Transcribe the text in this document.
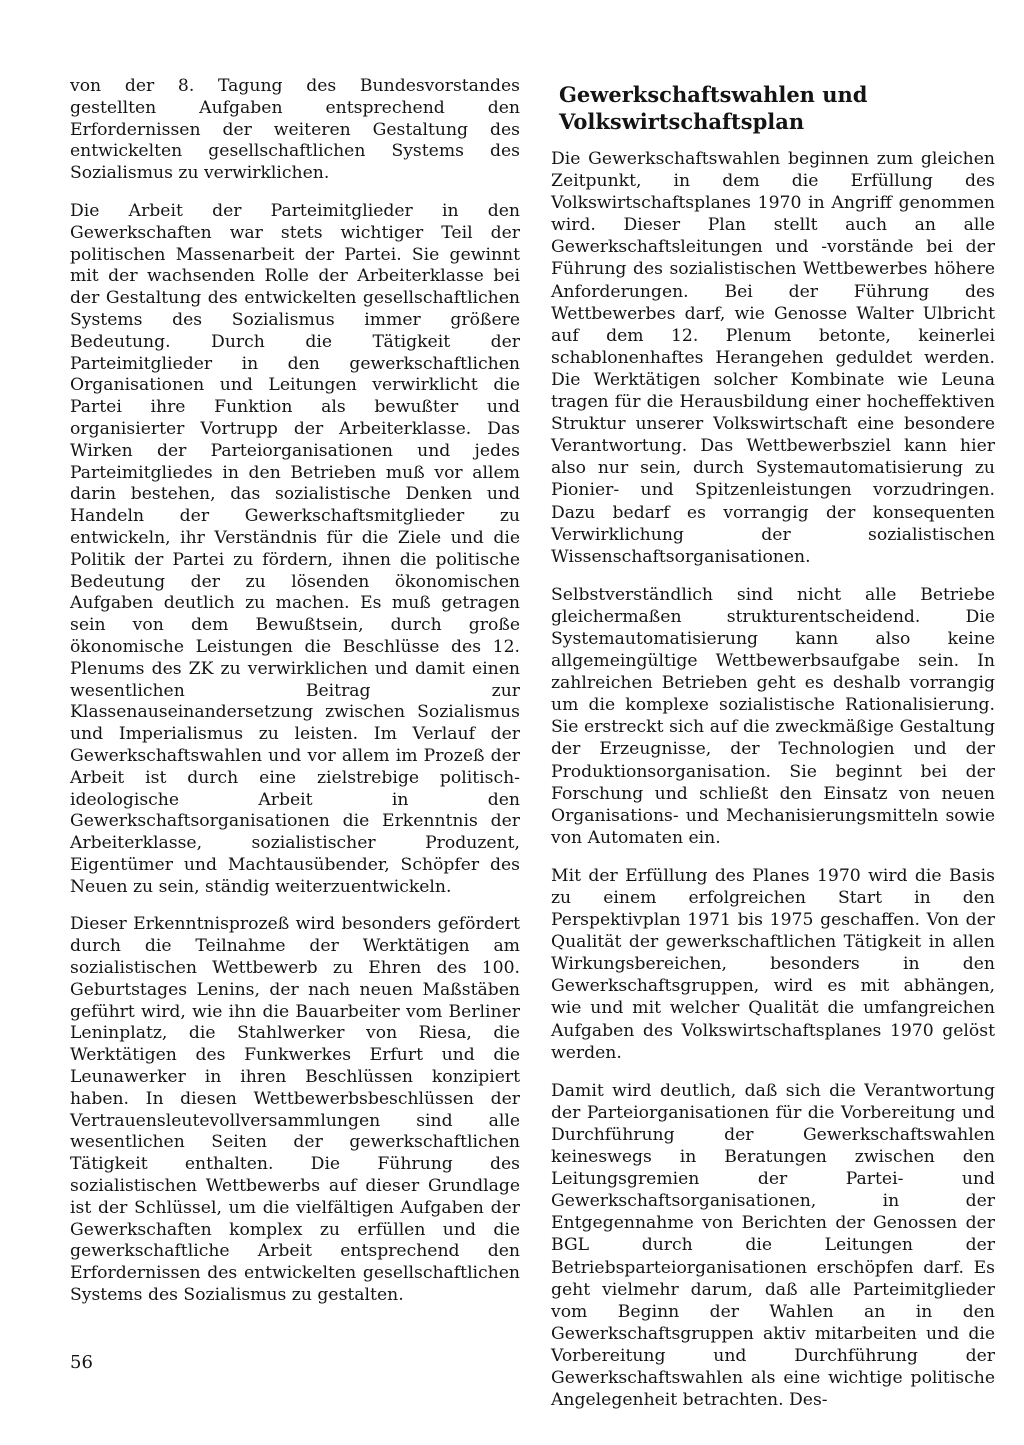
von der 8. Tagung des Bundesvorstandes gestellten Aufgaben entsprechend den Erfordernissen der weiteren Gestaltung des entwickelten gesellschaftlichen Systems des Sozialismus zu verwirklichen.

Die Arbeit der Parteimitglieder in den Gewerkschaften war stets wichtiger Teil der politischen Massenarbeit der Partei. Sie gewinnt mit der wachsenden Rolle der Arbeiterklasse bei der Gestaltung des entwickelten gesellschaftlichen Systems des Sozialismus immer größere Bedeutung. Durch die Tätigkeit der Parteimitglieder in den gewerkschaftlichen Organisationen und Leitungen verwirklicht die Partei ihre Funktion als bewußter und organisierter Vortrupp der Arbeiterklasse. Das Wirken der Parteiorganisationen und jedes Parteimitgliedes in den Betrieben muß vor allem darin bestehen, das sozialistische Denken und Handeln der Gewerkschaftsmitglieder zu entwickeln, ihr Verständnis für die Ziele und die Politik der Partei zu fördern, ihnen die politische Bedeutung der zu lösenden ökonomischen Aufgaben deutlich zu machen. Es muß getragen sein von dem Bewußtsein, durch große ökonomische Leistungen die Beschlüsse des 12. Plenums des ZK zu verwirklichen und damit einen wesentlichen Beitrag zur Klassenauseinandersetzung zwischen Sozialismus und Imperialismus zu leisten. Im Verlauf der Gewerkschaftswahlen und vor allem im Prozeß der Arbeit ist durch eine zielstrebige politisch-ideologische Arbeit in den Gewerkschaftsorganisationen die Erkenntnis der Arbeiterklasse, sozialistischer Produzent, Eigentümer und Machtausübender, Schöpfer des Neuen zu sein, ständig weiterzuentwickeln.

Dieser Erkenntnisprozeß wird besonders gefördert durch die Teilnahme der Werktätigen am sozialistischen Wettbewerb zu Ehren des 100. Geburtstages Lenins, der nach neuen Maßstäben geführt wird, wie ihn die Bauarbeiter vom Berliner Leninplatz, die Stahlwerker von Riesa, die Werktätigen des Funkwerkes Erfurt und die Leunawerker in ihren Beschlüssen konzipiert haben. In diesen Wettbewerbsbeschlüssen der Vertrauensleutevollversammlungen sind alle wesentlichen Seiten der gewerkschaftlichen Tätigkeit enthalten. Die Führung des sozialistischen Wettbewerbs auf dieser Grundlage ist der Schlüssel, um die vielfältigen Aufgaben der Gewerkschaften komplex zu erfüllen und die gewerkschaftliche Arbeit entsprechend den Erfordernissen des entwickelten gesellschaftlichen Systems des Sozialismus zu gestalten.

Gewerkschaftswahlen und Volkswirtschaftsplan

Die Gewerkschaftswahlen beginnen zum gleichen Zeitpunkt, in dem die Erfüllung des Volkswirtschaftsplanes 1970 in Angriff genommen wird. Dieser Plan stellt auch an alle Gewerkschaftsleitungen und -vorstände bei der Führung des sozialistischen Wettbewerbes höhere Anforderungen. Bei der Führung des Wettbewerbes darf, wie Genosse Walter Ulbricht auf dem 12. Plenum betonte, keinerlei schablonenhaftes Herangehen geduldet werden. Die Werktätigen solcher Kombinate wie Leuna tragen für die Herausbildung einer hocheffektiven Struktur unserer Volkswirtschaft eine besondere Verantwortung. Das Wettbewerbsziel kann hier also nur sein, durch Systemautomatisierung zu Pionier- und Spitzenleistungen vorzudringen. Dazu bedarf es vorrangig der konsequenten Verwirklichung der sozialistischen Wissenschaftsorganisationen.

Selbstverständlich sind nicht alle Betriebe gleichermaßen strukturentscheidend. Die Systemautomatisierung kann also keine allgemeingültige Wettbewerbsaufgabe sein. In zahlreichen Betrieben geht es deshalb vorrangig um die komplexe sozialistische Rationalisierung. Sie erstreckt sich auf die zweckmäßige Gestaltung der Erzeugnisse, der Technologien und der Produktionsorganisation. Sie beginnt bei der Forschung und schließt den Einsatz von neuen Organisations- und Mechanisierungsmitteln sowie von Automaten ein.

Mit der Erfüllung des Planes 1970 wird die Basis zu einem erfolgreichen Start in den Perspektivplan 1971 bis 1975 geschaffen. Von der Qualität der gewerkschaftlichen Tätigkeit in allen Wirkungsbereichen, besonders in den Gewerkschaftsgruppen, wird es mit abhängen, wie und mit welcher Qualität die umfangreichen Aufgaben des Volkswirtschaftsplanes 1970 gelöst werden.

Damit wird deutlich, daß sich die Verantwortung der Parteiorganisationen für die Vorbereitung und Durchführung der Gewerkschaftswahlen keineswegs in Beratungen zwischen den Leitungsgremien der Partei- und Gewerkschaftsorganisationen, in der Entgegennahme von Berichten der Genossen der BGL durch die Leitungen der Betriebsparteiorganisationen erschöpfen darf. Es geht vielmehr darum, daß alle Parteimitglieder vom Beginn der Wahlen an in den Gewerkschaftsgruppen aktiv mitarbeiten und die Vorbereitung und Durchführung der Gewerkschaftswahlen als eine wichtige politische Angelegenheit betrachten. Des-

56
